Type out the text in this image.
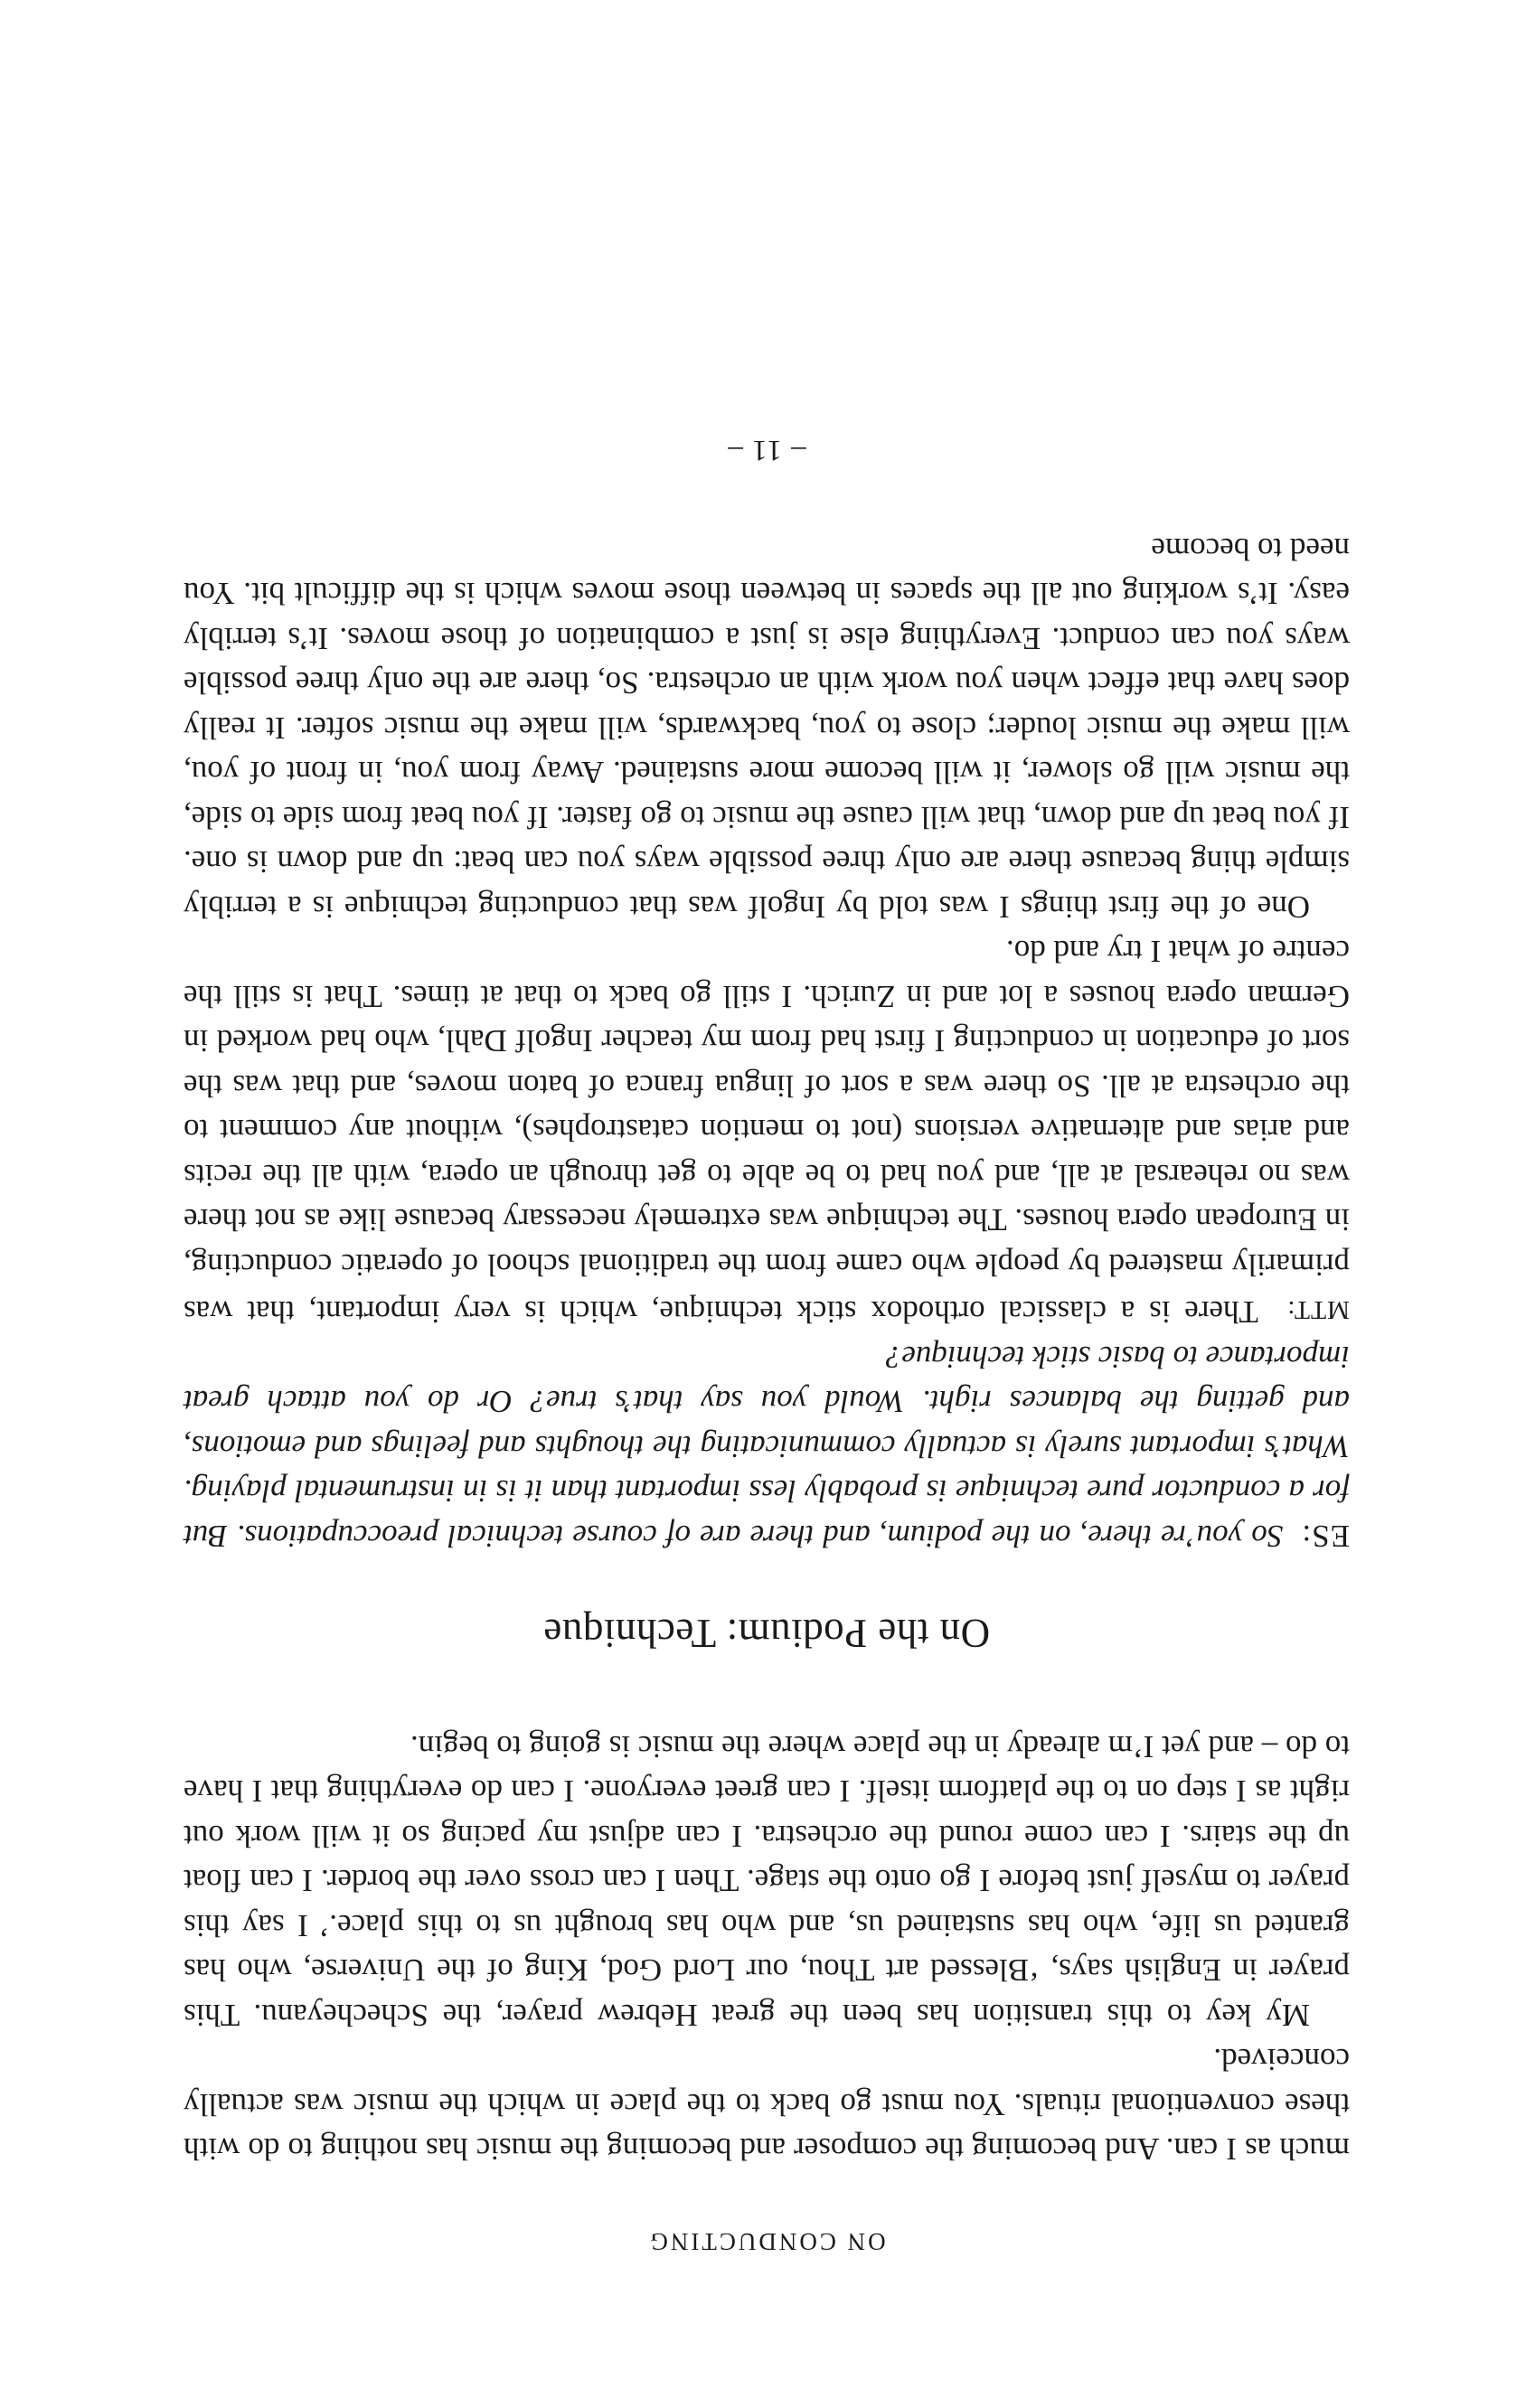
ON CONDUCTING

much as I can. And becoming the composer and becoming the music has nothing to do with these conventional rituals. You must go back to the place in which the music was actually conceived.

My key to this transition has been the great Hebrew prayer, the Schecheyanu. This prayer in English says, ‘Blessed art Thou, our Lord God, King of the Universe, who has granted us life, who has sustained us, and who has brought us to this place.’ I say this prayer to myself just before I go onto the stage. Then I can cross over the border. I can float up the stairs. I can come round the orchestra. I can adjust my pacing so it will work out right as I step on to the platform itself. I can greet everyone. I can do everything that I have to do – and yet I’m already in the place where the music is going to begin.

On the Podium: Technique

ES:  So you’re there, on the podium, and there are of course technical preoccupations. But for a conductor pure technique is probably less important than it is in instrumental playing. What’s important surely is actually communicating the thoughts and feelings and emotions, and getting the balances right. Would you say that’s true? Or do you attach great importance to basic stick technique?

MTT:  There is a classical orthodox stick technique, which is very important, that was primarily mastered by people who came from the traditional school of operatic conducting, in European opera houses. The technique was extremely necessary because like as not there was no rehearsal at all, and you had to be able to get through an opera, with all the recits and arias and alternative versions (not to mention catastrophes), without any comment to the orchestra at all. So there was a sort of lingua franca of baton moves, and that was the sort of education in conducting I first had from my teacher Ingolf Dahl, who had worked in German opera houses a lot and in Zurich. I still go back to that at times. That is still the centre of what I try and do.

One of the first things I was told by Ingolf was that conducting technique is a terribly simple thing because there are only three possible ways you can beat: up and down is one. If you beat up and down, that will cause the music to go faster. If you beat from side to side, the music will go slower, it will become more sustained. Away from you, in front of you, will make the music louder; close to you, backwards, will make the music softer. It really does have that effect when you work with an orchestra. So, there are the only three possible ways you can conduct. Everything else is just a combination of those moves. It’s terribly easy. It’s working out all the spaces in between those moves which is the difficult bit. You need to become

– 11 –
